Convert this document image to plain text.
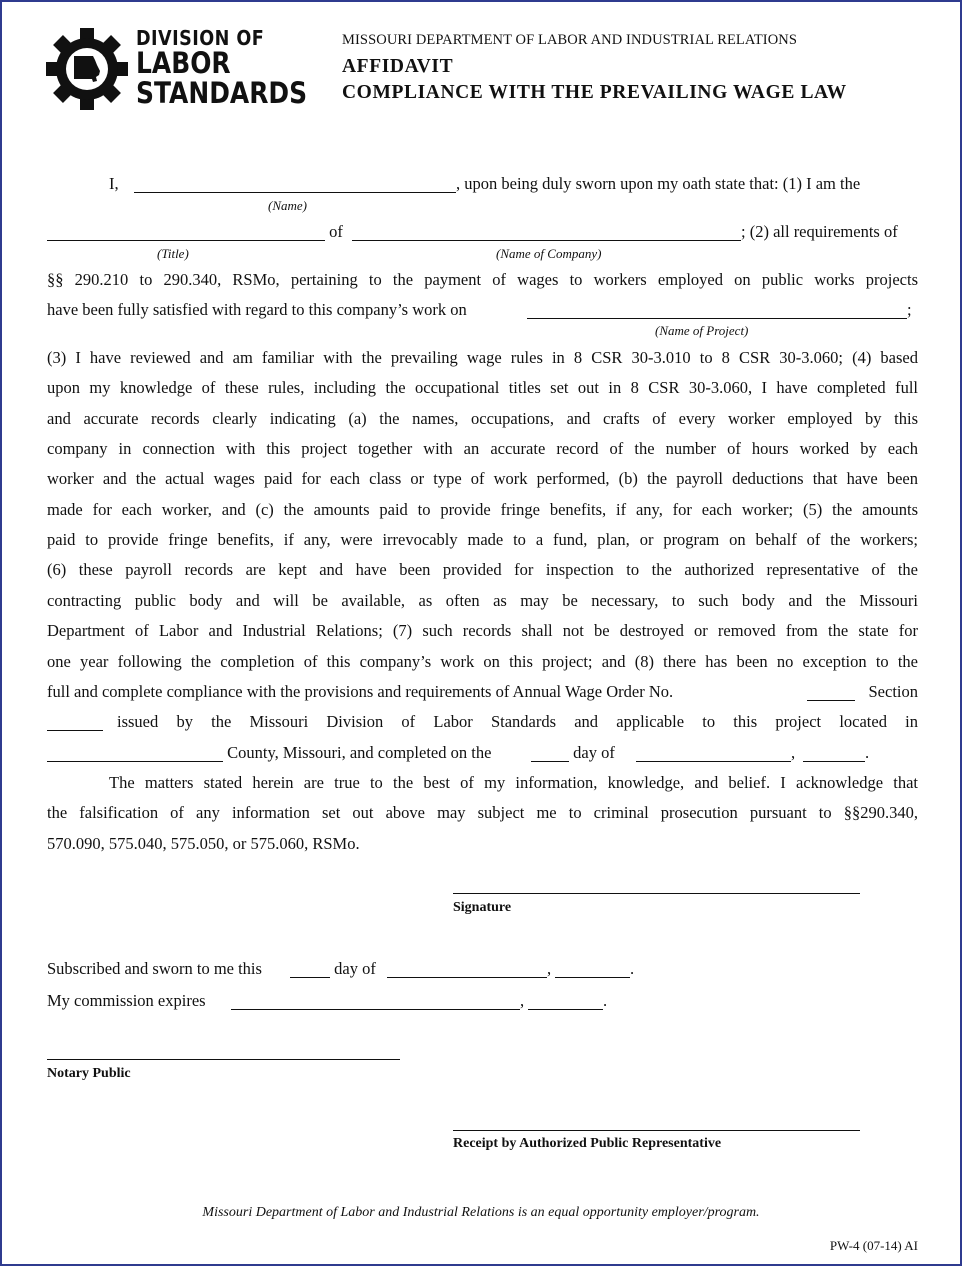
DIVISION OF
LABOR
STANDARDS
MISSOURI DEPARTMENT OF LABOR AND INDUSTRIAL RELATIONS
AFFIDAVIT
COMPLIANCE WITH THE PREVAILING WAGE LAW
I,	, upon being duly sworn upon my oath state that: (1) I am the
(Name)
of	; (2) all requirements of
(Title)	(Name of Company)
§§ 290.210 to 290.340, RSMo, pertaining to the payment of wages to workers employed on public works projects
have been fully satisfied with regard to this company’s work on	;
(Name of Project)
(3) I have reviewed and am familiar with the prevailing wage rules in 8 CSR 30-3.010 to 8 CSR 30-3.060; (4) based
upon my knowledge of these rules, including the occupational titles set out in 8 CSR 30-3.060, I have completed full
and accurate records clearly indicating (a) the names, occupations, and crafts of every worker employed by this
company in connection with this project together with an accurate record of the number of hours worked by each
worker and the actual wages paid for each class or type of work performed, (b) the payroll deductions that have been
made for each worker, and (c) the amounts paid to provide fringe benefits, if any, for each worker; (5) the amounts
paid to provide fringe benefits, if any, were irrevocably made to a fund, plan, or program on behalf of the workers;
(6) these payroll records are kept and have been provided for inspection to the authorized representative of the
contracting public body and will be available, as often as may be necessary, to such body and the Missouri
Department of Labor and Industrial Relations; (7) such records shall not be destroyed or removed from the state for
one year following the completion of this company’s work on this project; and (8) there has been no exception to the
full and complete compliance with the provisions and requirements of Annual Wage Order No.	Section
issued by the Missouri Division of Labor Standards and applicable to this project located in
County, Missouri, and completed on the	day of	,	.
The matters stated herein are true to the best of my information, knowledge, and belief. I acknowledge that
the falsification of any information set out above may subject me to criminal prosecution pursuant to §§290.340,
570.090, 575.040, 575.050, or 575.060, RSMo.
Signature
Subscribed and sworn to me this	day of	,	.
My commission expires	,	.
Notary Public
Receipt by Authorized Public Representative
Missouri Department of Labor and Industrial Relations is an equal opportunity employer/program.
PW-4 (07-14) AI
